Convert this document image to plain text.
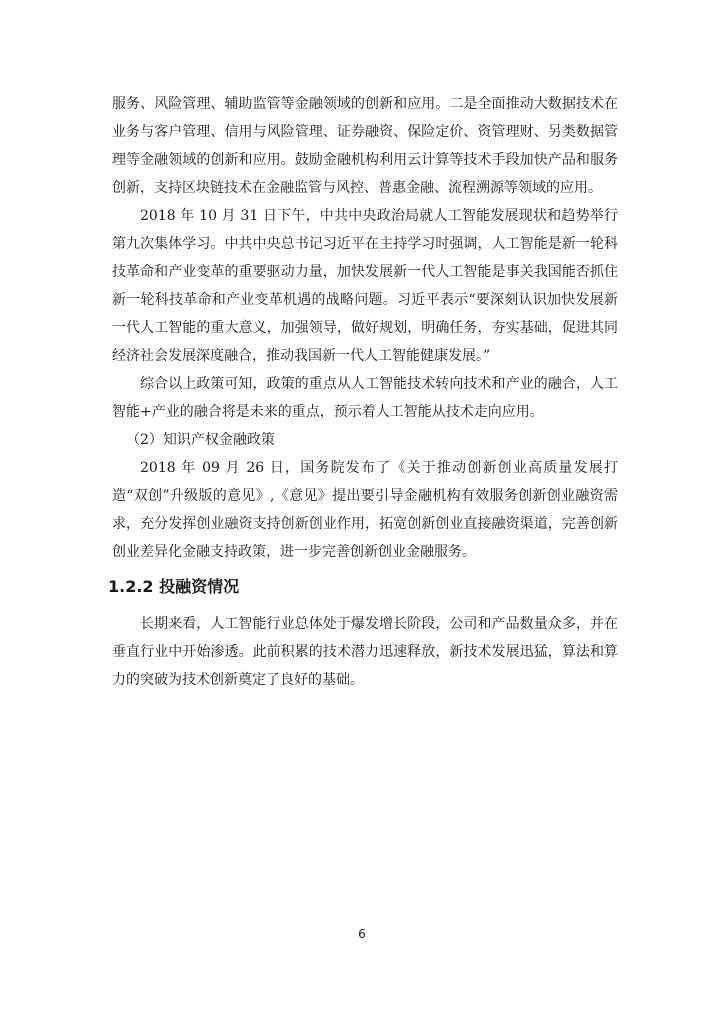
服务、风险管理、辅助监管等金融领域的创新和应用。二是全面推动大数据技术在业务与客户管理、信用与风险管理、证券融资、保险定价、资管理财、另类数据管理等金融领域的创新和应用。鼓励金融机构利用云计算等技术手段加快产品和服务创新，支持区块链技术在金融监管与风控、普惠金融、流程溯源等领域的应用。

2018 年 10 月 31 日下午，中共中央政治局就人工智能发展现状和趋势举行第九次集体学习。中共中央总书记习近平在主持学习时强调，人工智能是新一轮科技革命和产业变革的重要驱动力量，加快发展新一代人工智能是事关我国能否抓住新一轮科技革命和产业变革机遇的战略问题。习近平表示“要深刻认识加快发展新一代人工智能的重大意义，加强领导，做好规划，明确任务，夯实基础，促进其同经济社会发展深度融合，推动我国新一代人工智能健康发展。”

综合以上政策可知，政策的重点从人工智能技术转向技术和产业的融合，人工智能+产业的融合将是未来的重点，预示着人工智能从技术走向应用。

（2）知识产权金融政策

2018 年 09 月 26 日，国务院发布了《关于推动创新创业高质量发展打造“双创”升级版的意见》,《意见》提出要引导金融机构有效服务创新创业融资需求，充分发挥创业融资支持创新创业作用，拓宽创新创业直接融资渠道，完善创新创业差异化金融支持政策，进一步完善创新创业金融服务。

1.2.2 投融资情况

长期来看，人工智能行业总体处于爆发增长阶段，公司和产品数量众多，并在垂直行业中开始渗透。此前积累的技术潜力迅速释放，新技术发展迅猛，算法和算力的突破为技术创新奠定了良好的基础。

6
